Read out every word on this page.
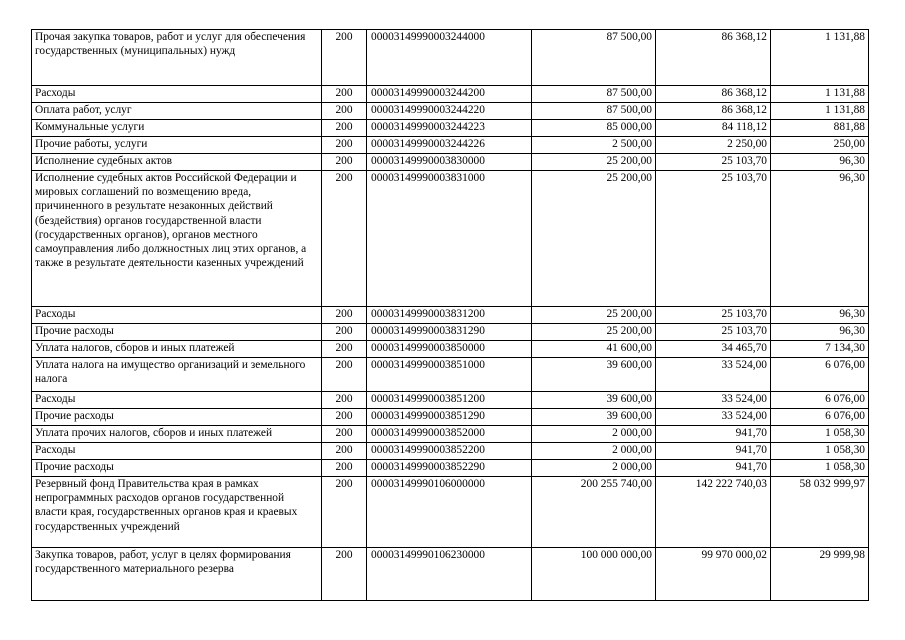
Прочая закупка товаров, работ и услуг для обеспечения государственных (муниципальных) нужд	200	00003149990003244000	87 500,00	86 368,12	1 131,88
Расходы	200	00003149990003244200	87 500,00	86 368,12	1 131,88
Оплата работ, услуг	200	00003149990003244220	87 500,00	86 368,12	1 131,88
Коммунальные услуги	200	00003149990003244223	85 000,00	84 118,12	881,88
Прочие работы, услуги	200	00003149990003244226	2 500,00	2 250,00	250,00
Исполнение судебных актов	200	00003149990003830000	25 200,00	25 103,70	96,30
Исполнение судебных актов Российской Федерации и мировых соглашений по возмещению вреда, причиненного в результате незаконных действий (бездействия) органов государственной власти (государственных органов), органов местного самоуправления либо должностных лиц этих органов, а также в результате деятельности казенных учреждений	200	00003149990003831000	25 200,00	25 103,70	96,30
Расходы	200	00003149990003831200	25 200,00	25 103,70	96,30
Прочие расходы	200	00003149990003831290	25 200,00	25 103,70	96,30
Уплата налогов, сборов и иных платежей	200	00003149990003850000	41 600,00	34 465,70	7 134,30
Уплата налога на имущество организаций и земельного налога	200	00003149990003851000	39 600,00	33 524,00	6 076,00
Расходы	200	00003149990003851200	39 600,00	33 524,00	6 076,00
Прочие расходы	200	00003149990003851290	39 600,00	33 524,00	6 076,00
Уплата прочих налогов, сборов и иных платежей	200	00003149990003852000	2 000,00	941,70	1 058,30
Расходы	200	00003149990003852200	2 000,00	941,70	1 058,30
Прочие расходы	200	00003149990003852290	2 000,00	941,70	1 058,30
Резервный фонд Правительства края в рамках непрограммных расходов органов государственной власти края, государственных органов края и краевых государственных учреждений	200	00003149990106000000	200 255 740,00	142 222 740,03	58 032 999,97
Закупка товаров, работ, услуг в целях формирования государственного материального резерва	200	00003149990106230000	100 000 000,00	99 970 000,02	29 999,98
